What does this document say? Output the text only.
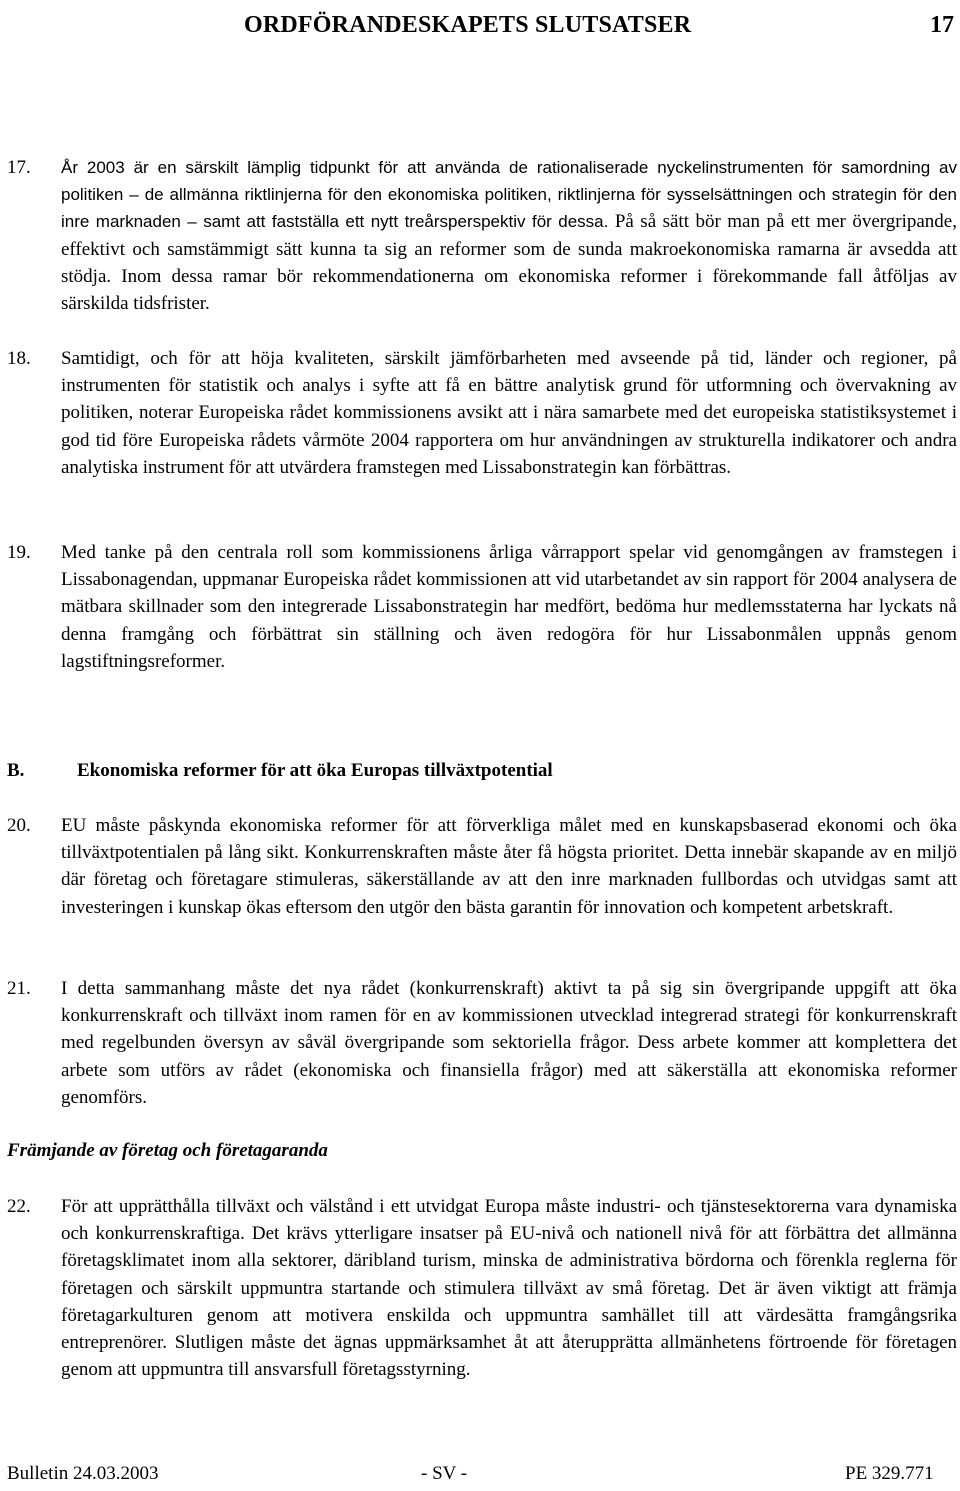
ORDFÖRANDESKAPETS SLUTSATSER	17
17. År 2003 är en särskilt lämplig tidpunkt för att använda de rationaliserade nyckelinstrumenten för samordning av politiken – de allmänna riktlinjerna för den ekonomiska politiken, riktlinjerna för sysselsättningen och strategin för den inre marknaden – samt att fastställa ett nytt treårsperspektiv för dessa. På så sätt bör man på ett mer övergripande, effektivt och samstämmigt sätt kunna ta sig an reformer som de sunda makroekonomiska ramarna är avsedda att stödja. Inom dessa ramar bör rekommendationerna om ekonomiska reformer i förekommande fall åtföljas av särskilda tidsfrister.
18. Samtidigt, och för att höja kvaliteten, särskilt jämförbarheten med avseende på tid, länder och regioner, på instrumenten för statistik och analys i syfte att få en bättre analytisk grund för utformning och övervakning av politiken, noterar Europeiska rådet kommissionens avsikt att i nära samarbete med det europeiska statistiksystemet i god tid före Europeiska rådets vårmöte 2004 rapportera om hur användningen av strukturella indikatorer och andra analytiska instrument för att utvärdera framstegen med Lissabonstrategin kan förbättras.
19. Med tanke på den centrala roll som kommissionens årliga vårrapport spelar vid genomgången av framstegen i Lissabonagendan, uppmanar Europeiska rådet kommissionen att vid utarbetandet av sin rapport för 2004 analysera de mätbara skillnader som den integrerade Lissabonstrategin har medfört, bedöma hur medlemsstaterna har lyckats nå denna framgång och förbättrat sin ställning och även redogöra för hur Lissabonmålen uppnås genom lagstiftningsreformer.
B.	Ekonomiska reformer för att öka Europas tillväxtpotential
20. EU måste påskynda ekonomiska reformer för att förverkliga målet med en kunskapsbaserad ekonomi och öka tillväxtpotentialen på lång sikt. Konkurrenskraften måste åter få högsta prioritet. Detta innebär skapande av en miljö där företag och företagare stimuleras, säkerställande av att den inre marknaden fullbordas och utvidgas samt att investeringen i kunskap ökas eftersom den utgör den bästa garantin för innovation och kompetent arbetskraft.
21. I detta sammanhang måste det nya rådet (konkurrenskraft) aktivt ta på sig sin övergripande uppgift att öka konkurrenskraft och tillväxt inom ramen för en av kommissionen utvecklad integrerad strategi för konkurrenskraft med regelbunden översyn av såväl övergripande som sektoriella frågor. Dess arbete kommer att komplettera det arbete som utförs av rådet (ekonomiska och finansiella frågor) med att säkerställa att ekonomiska reformer genomförs.
Främjande av företag och företagaranda
22. För att upprätthålla tillväxt och välstånd i ett utvidgat Europa måste industri- och tjänstesektorerna vara dynamiska och konkurrenskraftiga. Det krävs ytterligare insatser på EU-nivå och nationell nivå för att förbättra det allmänna företagsklimatet inom alla sektorer, däribland turism, minska de administrativa bördorna och förenkla reglerna för företagen och särskilt uppmuntra startande och stimulera tillväxt av små företag. Det är även viktigt att främja företagarkulturen genom att motivera enskilda och uppmuntra samhället till att värdesätta framgångsrika entreprenörer. Slutligen måste det ägnas uppmärksamhet åt att återupprätta allmänhetens förtroende för företagen genom att uppmuntra till ansvarsfull företagsstyrning.
Bulletin 24.03.2003	- SV -	PE 329.771
